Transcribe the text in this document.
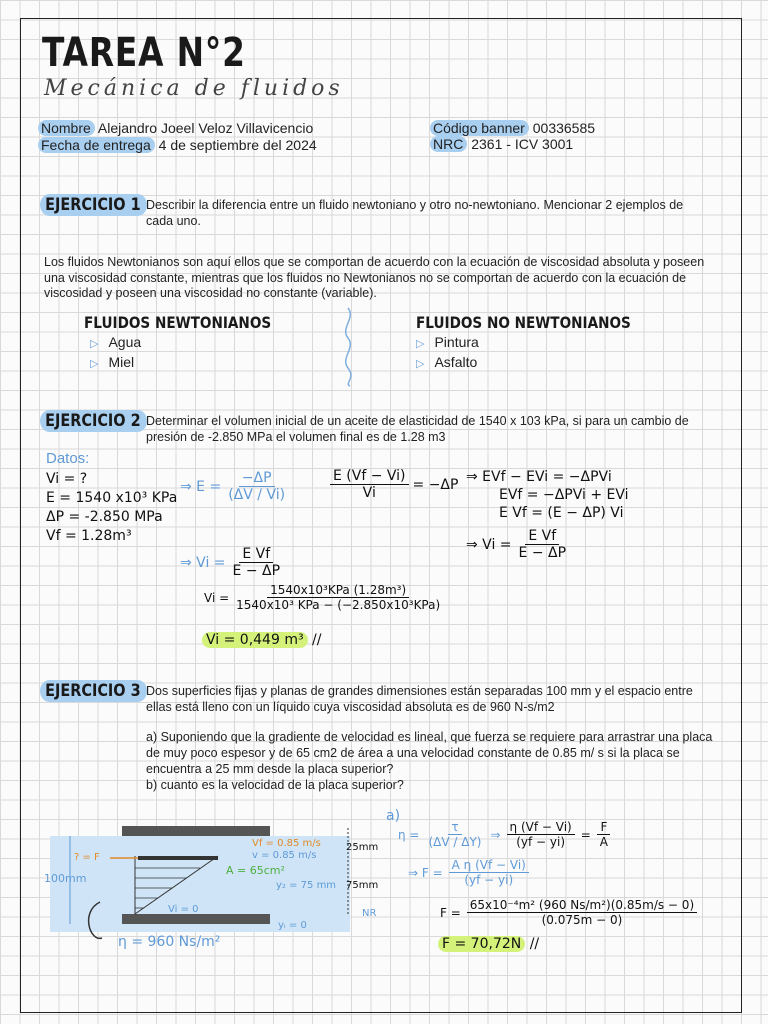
TAREA N°2
Mecánica de fluidos
Nombre Alejandro Joeel Veloz Villavicencio
Fecha de entrega 4 de septiembre del 2024
Código banner 00336585
NRC 2361 - ICV 3001
EJERCICIO 1 Describir la diferencia entre un fluido newtoniano y otro no-newtoniano. Mencionar 2 ejemplos de cada uno.
Los fluidos Newtonianos son aquí ellos que se comportan de acuerdo con la ecuación de viscosidad absoluta y poseen una viscosidad constante, mientras que los fluidos no Newtonianos no se comportan de acuerdo con la ecuación de viscosidad y poseen una viscosidad no constante (variable).
FLUIDOS NEWTONIANOS
▷ Agua
▷ Miel
FLUIDOS NO NEWTONIANOS
▷ Pintura
▷ Asfalto
EJERCICIO 2 Determinar el volumen inicial de un aceite de elasticidad de 1540 x 103 kPa, si para un cambio de presión de -2.850 MPa el volumen final es de 1.28 m3
Datos:
Vi = ?
E = 1540 x10³ KPa
ΔP = -2.850 MPa
Vf = 1.28m³
⇒ $E = \frac{-\Delta P}{(\Delta V / Vi)}$	$\frac{E (Vf - Vi)}{Vi} = -\Delta P$ ⇒ EVf − EVi = −ΔPVi
EVf = −ΔPVi + EVi
E Vf = (E − ΔP) Vi
⇒ $Vi = \frac{\text{E Vf}}{E - \Delta P}$
⇒ $Vi = \frac{\text{E Vf}}{E - \Delta P}$
$Vi = \frac{\text{1540x10³KPa (1.28m³)}}{\text{1540x10³ KPa − (−2.850x10³KPa)}}$
Vi = 0,449 m³ //
EJERCICIO 3 Dos superficies fijas y planas de grandes dimensiones están separadas 100 mm y el espacio entre ellas está lleno con un líquido cuya viscosidad absoluta es de 960 N-s/m2
a) Suponiendo que la gradiente de velocidad es lineal, que fuerza se requiere para arrastrar una placa de muy poco espesor y de 65 cm2 de área a una velocidad constante de 0.85 m/ s si la placa se encuentra a 25 mm desde la placa superior?
b) cuanto es la velocidad de la placa superior?
? = F
100mm
Vf = 0.85 m/s
v = 0.85 m/s
A = 65cm²
y₂ = 75 mm
Vi = 0
yᵢ = 0
25mm
75mm
NR
η = 960 Ns/m²
a)
$\eta = \frac{\tau}{(\Delta V / \Delta Y)}$ ⇒ $\frac{\eta (Vf - Vi)}{(yf - yi)} = \frac{F}{A}$
⇒ $F = \frac{\text{A η (Vf − Vi)}}{(yf - yi)}$
$F = \frac{\text{65x10⁻⁴m² (960 Ns/m²)(0.85m/s − 0)}}{(0.075m - 0)}$
F = 70,72N //
